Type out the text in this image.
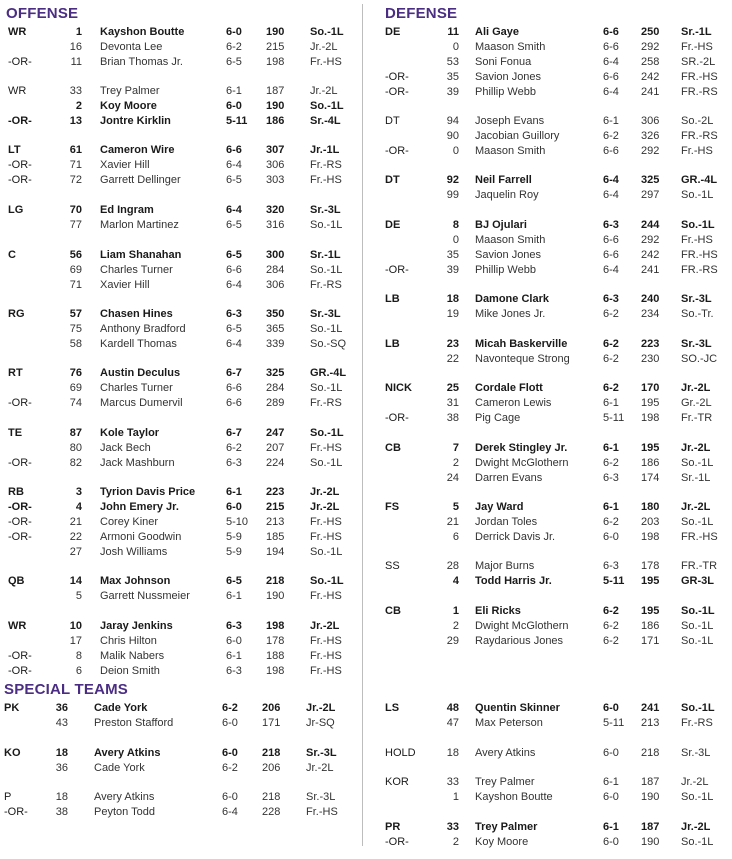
OFFENSE	DEFENSE
SPECIAL TEAMS
WR	1 Kayshon Boutte	6-0 190 So.-1L
16 Devonta Lee	6-2 215 Jr.-2L
-OR-	11 Brian Thomas Jr.	6-5 198 Fr.-HS
WR	33 Trey Palmer	6-1 187 Jr.-2L
2 Koy Moore	6-0 190 So.-1L
-OR-	13 Jontre Kirklin	5-11 186 Sr.-4L
LT	61 Cameron Wire	6-6 307 Jr.-1L
-OR-	71 Xavier Hill	6-4 306 Fr.-RS
-OR-	72 Garrett Dellinger	6-5 303 Fr.-HS
LG	70 Ed Ingram	6-4 320 Sr.-3L
77 Marlon Martinez	6-5 316 So.-1L
C	56 Liam Shanahan	6-5 300 Sr.-1L
69 Charles Turner	6-6 284 So.-1L
71 Xavier Hill	6-4 306 Fr.-RS
RG	57 Chasen Hines	6-3 350 Sr.-3L
75 Anthony Bradford	6-5 365 So.-1L
58 Kardell Thomas	6-4 339 So.-SQ
RT	76 Austin Deculus	6-7 325 GR.-4L
69 Charles Turner	6-6 284 So.-1L
-OR-	74 Marcus Dumervil	6-6 289 Fr.-RS
TE	87 Kole Taylor	6-7 247 So.-1L
80 Jack Bech	6-2 207 Fr.-HS
-OR-	82 Jack Mashburn	6-3 224 So.-1L
RB	3 Tyrion Davis Price	6-1 223 Jr.-2L
-OR-	4 John Emery Jr.	6-0 215 Jr.-2L
-OR-	21 Corey Kiner	5-10 213 Fr.-HS
-OR-	22 Armoni Goodwin	5-9 185 Fr.-HS
27 Josh Williams	5-9 194 So.-1L
QB	14 Max Johnson	6-5 218 So.-1L
5 Garrett Nussmeier	6-1 190 Fr.-HS
WR	10 Jaray Jenkins	6-3 198 Jr.-2L
17 Chris Hilton	6-0 178 Fr.-HS
-OR-	8 Malik Nabers	6-1 188 Fr.-HS
-OR-	6 Deion Smith	6-3 198 Fr.-HS
DE	11 Ali Gaye	6-6 250 Sr.-1L
0 Maason Smith	6-6 292 Fr.-HS
53 Soni Fonua	6-4 258 SR.-2L
-OR-	35 Savion Jones	6-6 242 FR.-HS
-OR-	39 Phillip Webb	6-4 241 FR.-RS
DT	94 Joseph Evans	6-1 306 So.-2L
90 Jacobian Guillory	6-2 326 FR.-RS
-OR-	0 Maason Smith	6-6 292 Fr.-HS
DT	92 Neil Farrell	6-4 325 GR.-4L
99 Jaquelin Roy	6-4 297 So.-1L
DE	8 BJ Ojulari	6-3 244 So.-1L
0 Maason Smith	6-6 292 Fr.-HS
35 Savion Jones	6-6 242 FR.-HS
-OR-	39 Phillip Webb	6-4 241 FR.-RS
LB	18 Damone Clark	6-3 240 Sr.-3L
19 Mike Jones Jr.	6-2 234 So.-Tr.
LB	23 Micah Baskerville	6-2 223 Sr.-3L
22 Navonteque Strong	6-2 230 SO.-JC
NICK	25 Cordale Flott	6-2 170 Jr.-2L
31 Cameron Lewis	6-1 195 Gr.-2L
-OR-	38 Pig Cage	5-11 198 Fr.-TR
CB	7 Derek Stingley Jr.	6-1 195 Jr.-2L
2 Dwight McGlothern	6-2 186 So.-1L
24 Darren Evans	6-3 174 Sr.-1L
FS	5 Jay Ward	6-1 180 Jr.-2L
21 Jordan Toles	6-2 203 So.-1L
6 Derrick Davis Jr.	6-0 198 FR.-HS
SS	28 Major Burns	6-3 178 FR.-TR
4 Todd Harris Jr.	5-11 195 GR-3L
CB	1 Eli Ricks	6-2 195 So.-1L
2 Dwight McGlothern	6-2 186 So.-1L
29 Raydarious Jones	6-2 171 So.-1L
PK	36 Cade York	6-2 206 Jr.-2L
43 Preston Stafford	6-0 171 Jr-SQ
KO	18 Avery Atkins	6-0 218 Sr.-3L
36 Cade York	6-2 206 Jr.-2L
P	18 Avery Atkins	6-0 218 Sr.-3L
-OR-	38 Peyton Todd	6-4 228 Fr.-HS
LS	48 Quentin Skinner	6-0 241 So.-1L
47 Max Peterson	5-11 213 Fr.-RS
HOLD	18 Avery Atkins	6-0 218 Sr.-3L
KOR	33 Trey Palmer	6-1 187 Jr.-2L
1 Kayshon Boutte	6-0 190 So.-1L
PR	33 Trey Palmer	6-1 187 Jr.-2L
-OR-	2 Koy Moore	6-0 190 So.-1L
